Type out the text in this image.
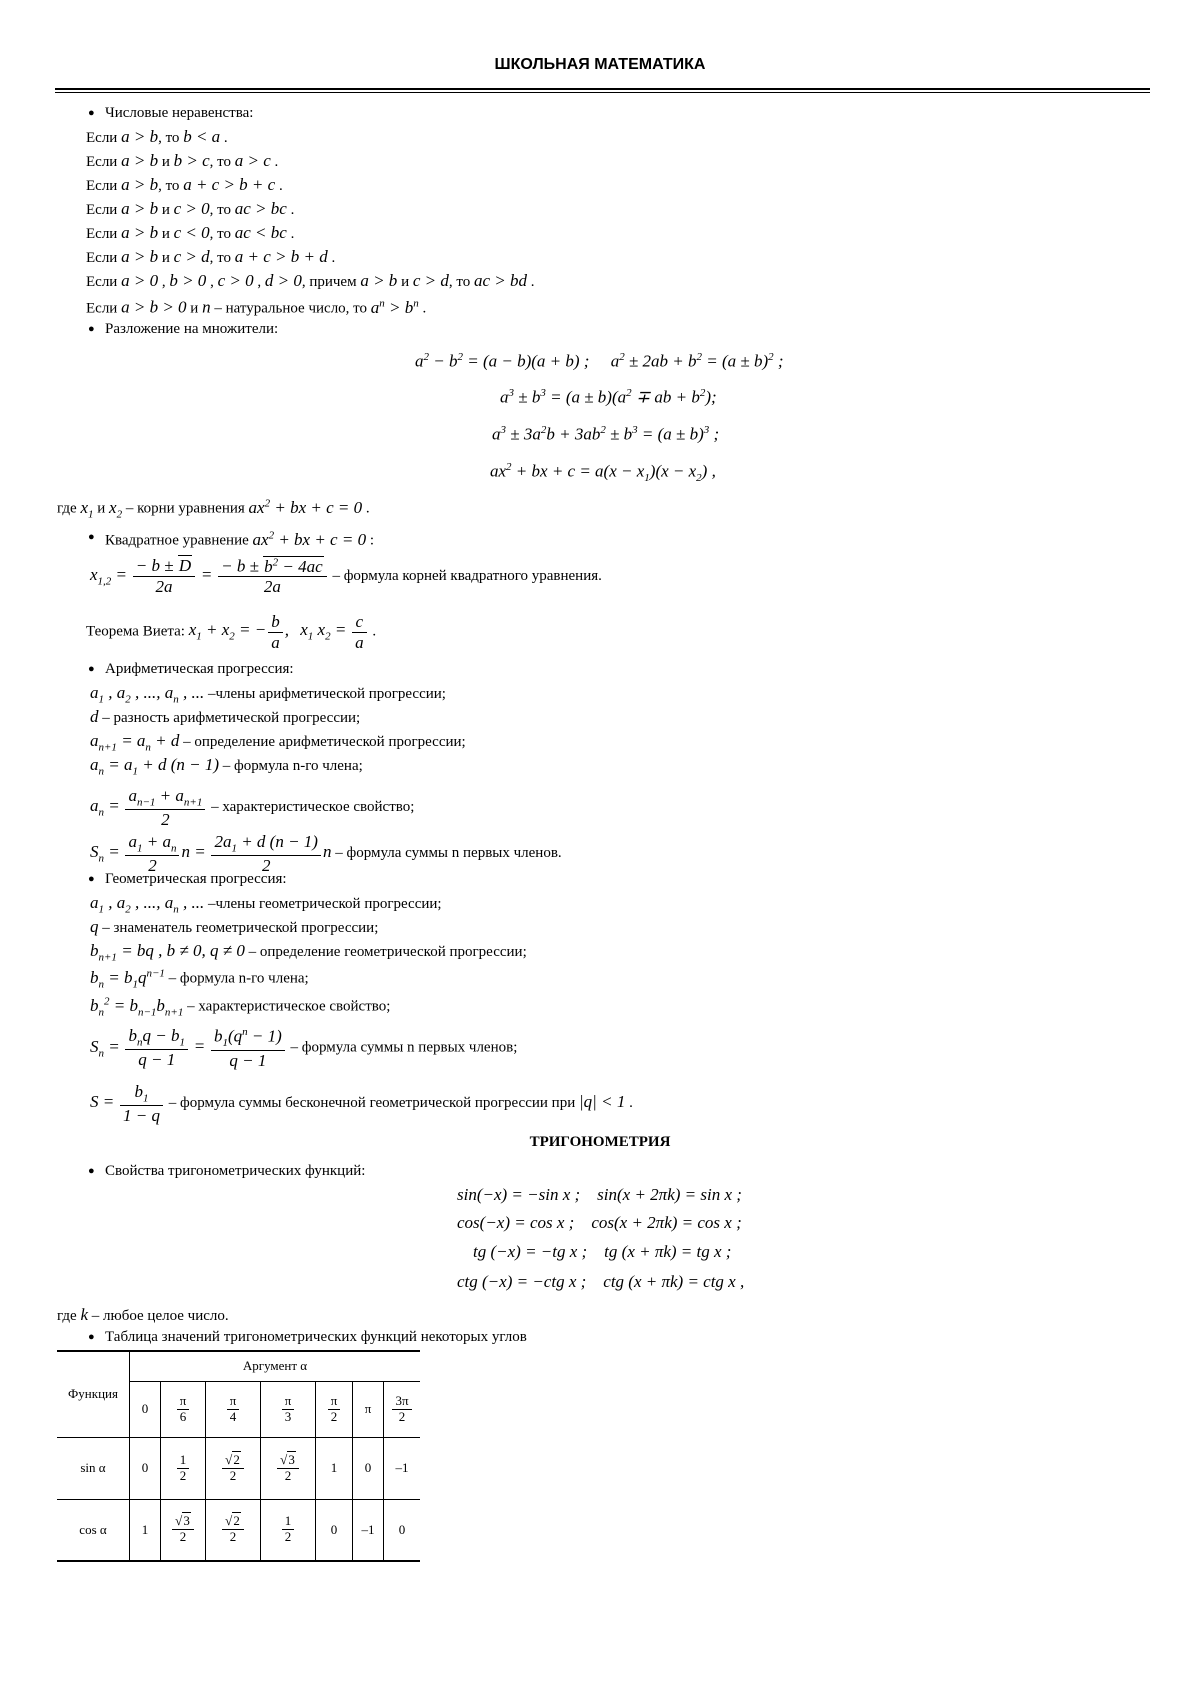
ШКОЛЬНАЯ МАТЕМАТИКА
● Числовые неравенства:
Если a > b, то b < a .
Если a > b и b > c, то a > c .
Если a > b, то a + c > b + c .
Если a > b и c > 0, то ac > bc .
Если a > b и c < 0, то ac < bc .
Если a > b и c > d, то a + c > b + d .
Если a > 0 , b > 0 , c > 0 , d > 0, причем a > b и c > d, то ac > bd .
Если a > b > 0 и n – натуральное число, то $a^n > b^n$ .
● Разложение на множители:
$a^2 - b^2 = (a - b)(a + b)$ ;     $a^2 \pm 2ab + b^2 = (a \pm b)^2$ ;
$a^3 \pm b^3 = (a \pm b)(a^2$ ∓ ab + $b^2$);
$a^3 \pm 3a^2b + 3ab^2 \pm b^3 = (a \pm b)^3$ ;
$ax^2$ + bx + $c = a(x - x_1)(x - x_2)$ ,
где $x_1$ и $x_2$ – корни уравнения $ax^2$ + bx + c = 0 .
● Квадратное уравнение $ax^2$ + bx + c = 0 :
$x_{1,2} = \frac{- b \pm D}{2a} = \frac{- b \pm b^2 - 4ac}{2a}$ – формула корней квадратного уравнения.
Теорема Виета: $x_1 + x_2$ = − $\frac{b}{a}$ , $x_1$ $x_2 = \frac{c}{a}$ .
● Арифметическая прогрессия:
$a_1$ , $a_2$ , ..., $a_n$ , ... –члены арифметической прогрессии;
d – разность арифметической прогрессии;
$a_{n+1} = a_n + d$ – определение арифметической прогрессии;
$a_n = a_1 + d$ (n − 1) – формула n-го члена;
$a_n = \frac{a_{n-1} + a_{n+1}}{2}$ – характеристическое свойство;
$S_n = \frac{a_1 + a_n}{2}$ $n = \frac{2a_1 + d (n - 1)}{2}$ n – формула суммы n первых членов.
● Геометрическая прогрессия:
$a_1$ , $a_2$ , ..., $a_n$ , ... –члены геометрической прогрессии;
q – знаменатель геометрической прогрессии;
$b_{n+1}$ = bq , b ≠ 0, q ≠ 0 – определение геометрической прогрессии;
$b_n = b_1q^{n-1}$ – формула n-го члена;
$b_n^2 = b_{n-1}b_{n+1}$ – характеристическое свойство;
$S_n$ =
$b_nq - b_1$
q − 1
= $\frac{b_1(q^n - 1)}{q - 1}$ – формула суммы n первых членов;
$S = \frac{b_1}{1 - q}$ – формула суммы бесконечной геометрической прогрессии при |q| < 1 .
ТРИГОНОМЕТРИЯ
● Свойства тригонометрических функций:
sin(−x) = −sin x ;    sin(x + 2πk) = sin x ;
cos(−x) = cos x ;    cos(x + 2πk) = cos x ;
tg (−x) = −tg x ;    tg (x + πk) = tg x ;
ctg (−x) = −ctg x ;    ctg (x + πk) = ctg x ,
где k – любое целое число.
● Таблица значений тригонометрических функций некоторых углов
Функция	Аргумент α						
	0	$\frac{\pi}{6}$	$\frac{\pi}{4}$	$\frac{\pi}{3}$	$\frac{\pi}{2}$	π	$\frac{3\pi}{2}$

sin α	0	$\frac{1}{2}$	$\frac{√2}{2}$	$\frac{√3}{2}$	1	0	–1
cos α	1	$\frac{√3}{2}$	$\frac{√2}{2}$	$\frac{1}{2}$	0	–1	0
